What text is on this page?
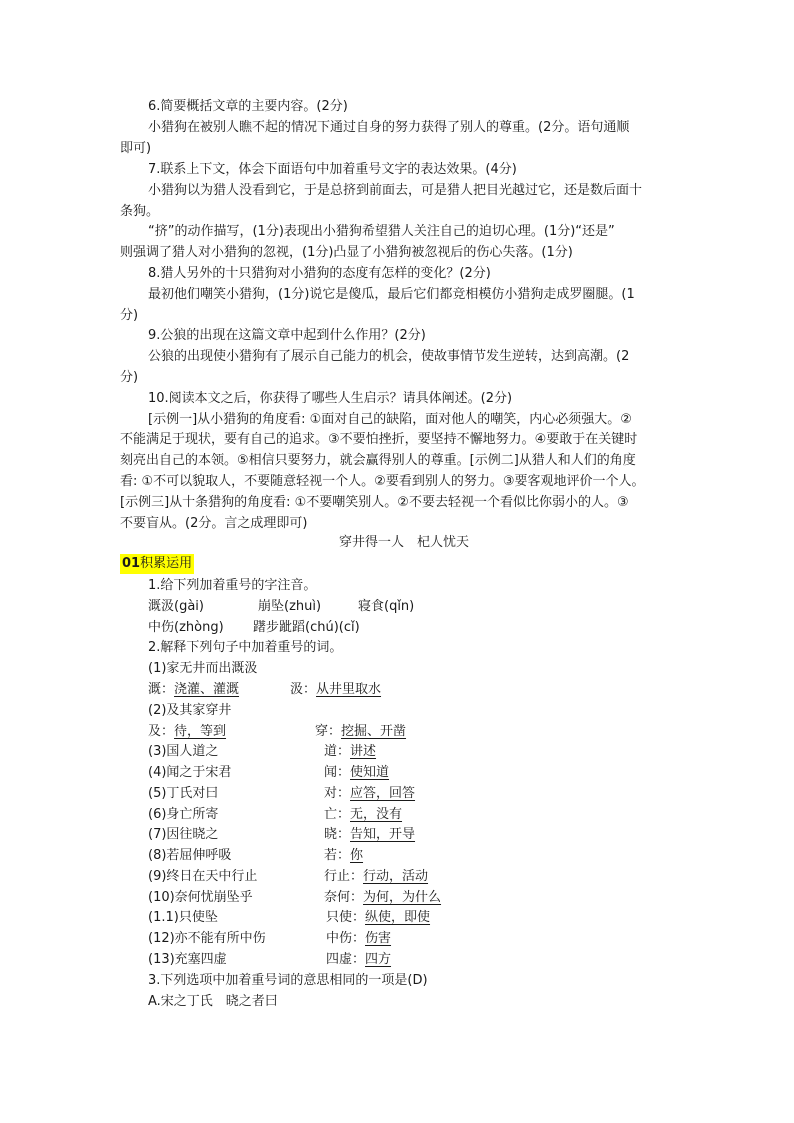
6.简要概括文章的主要内容。(2分)
小猎狗在被别人瞧不起的情况下通过自身的努力获得了别人的尊重。(2分。语句通顺
即可)
7.联系上下文，体会下面语句中加着重号文字的表达效果。(4分)
小猎狗以为猎人没看到它，于是总挤到前面去，可是猎人把目光越过它，还是数后面十
条狗。
“挤”的动作描写，(1分)表现出小猎狗希望猎人关注自己的迫切心理。(1分)“还是”
则强调了猎人对小猎狗的忽视，(1分)凸显了小猎狗被忽视后的伤心失落。(1分)
8.猎人另外的十只猎狗对小猎狗的态度有怎样的变化？(2分)
最初他们嘲笑小猎狗，(1分)说它是傻瓜，最后它们都竞相模仿小猎狗走成罗圈腿。(1
分)
9.公狼的出现在这篇文章中起到什么作用？(2分)
公狼的出现使小猎狗有了展示自己能力的机会，使故事情节发生逆转，达到高潮。(2
分)
10.阅读本文之后，你获得了哪些人生启示？请具体阐述。(2分)
[示例一]从小猎狗的角度看: ①面对自己的缺陷，面对他人的嘲笑，内心必须强大。②
不能满足于现状，要有自己的追求。③不要怕挫折，要坚持不懈地努力。④要敢于在关键时
刻亮出自己的本领。⑤相信只要努力，就会赢得别人的尊重。[示例二]从猎人和人们的角度
看: ①不可以貌取人，不要随意轻视一个人。②要看到别人的努力。③要客观地评价一个人。
[示例三]从十条猎狗的角度看: ①不要嘲笑别人。②不要去轻视一个看似比你弱小的人。③
不要盲从。(2分。言之成理即可)
穿井得一人　杞人忧天
01积累运用
1.给下列加着重号的字注音。
溉汲(gài)	崩坠(zhuì)	寝食(qǐn)
中伤(zhòng) 躇步跐蹈(chú)(cǐ)
2.解释下列句子中加着重号的词。
(1)家无井而出溉汲
溉：浇灌、灌溉	汲：从井里取水
(2)及其家穿井
及：待，等到	穿：挖掘、开凿
(3)国人道之	道：讲述
(4)闻之于宋君	闻：使知道
(5)丁氏对曰	对：应答，回答
(6)身亡所寄	亡：无，没有
(7)因往晓之	晓：告知，开导
(8)若屈伸呼吸	若：你
(9)终日在天中行止	行止：行动，活动
(10)奈何忧崩坠乎	奈何：为何，为什么
(1.1)只使坠	只使：纵使，即使
(12)亦不能有所中伤	中伤：伤害
(13)充塞四虚	四虚：四方
3.下列选项中加着重号词的意思相同的一项是(D)
A.宋之丁氏　晓之者曰
